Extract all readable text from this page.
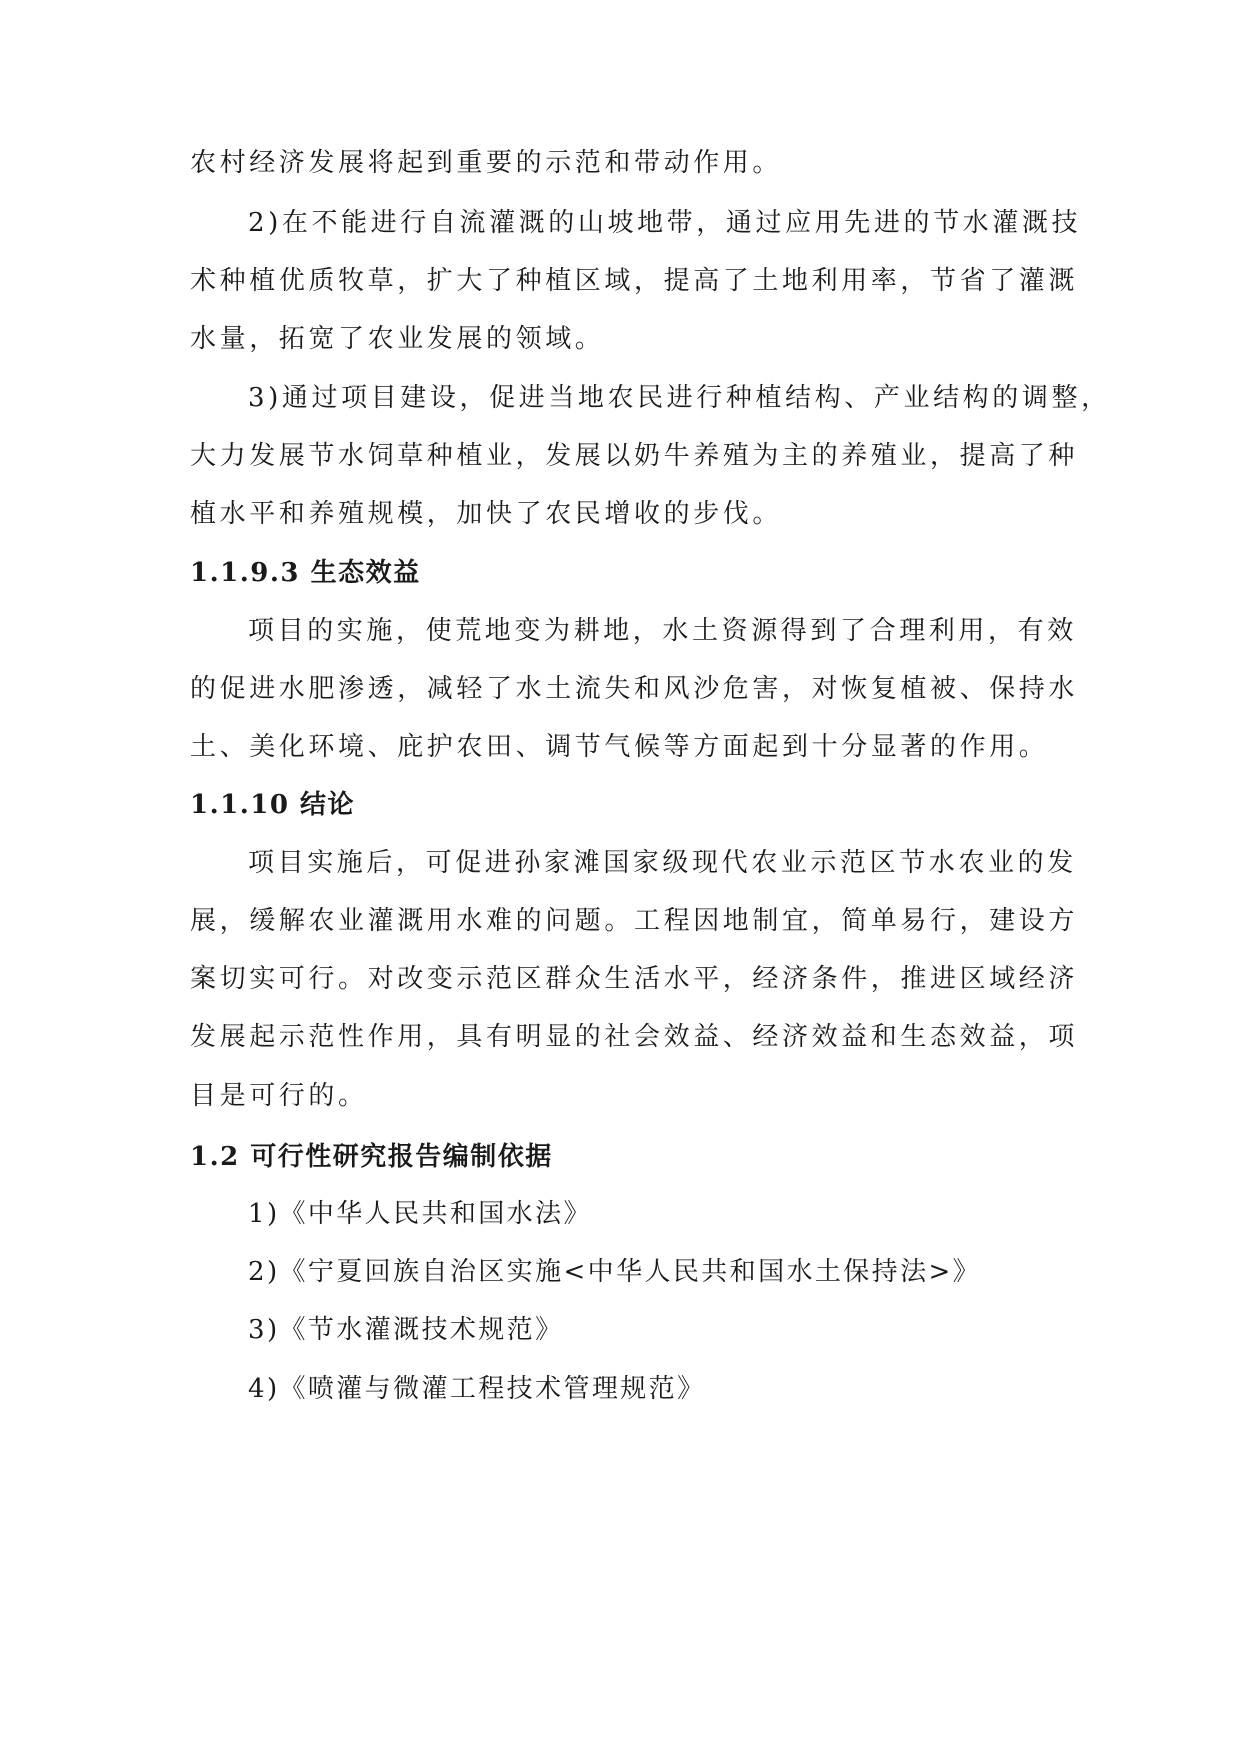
农村经济发展将起到重要的示范和带动作用。
2)在不能进行自流灌溉的山坡地带，通过应用先进的节水灌溉技
术种植优质牧草，扩大了种植区域，提高了土地利用率，节省了灌溉
水量，拓宽了农业发展的领域。
3)通过项目建设，促进当地农民进行种植结构、产业结构的调整，
大力发展节水饲草种植业，发展以奶牛养殖为主的养殖业，提高了种
植水平和养殖规模，加快了农民增收的步伐。
1.1.9.3 生态效益
项目的实施，使荒地变为耕地，水土资源得到了合理利用，有效
的促进水肥渗透，减轻了水土流失和风沙危害，对恢复植被、保持水
土、美化环境、庇护农田、调节气候等方面起到十分显著的作用。
1.1.10 结论
项目实施后，可促进孙家滩国家级现代农业示范区节水农业的发
展，缓解农业灌溉用水难的问题。工程因地制宜，简单易行，建设方
案切实可行。对改变示范区群众生活水平，经济条件，推进区域经济
发展起示范性作用，具有明显的社会效益、经济效益和生态效益，项
目是可行的。
1.2 可行性研究报告编制依据
1)《中华人民共和国水法》
2)《宁夏回族自治区实施<中华人民共和国水土保持法>》
3)《节水灌溉技术规范》
4)《喷灌与微灌工程技术管理规范》
